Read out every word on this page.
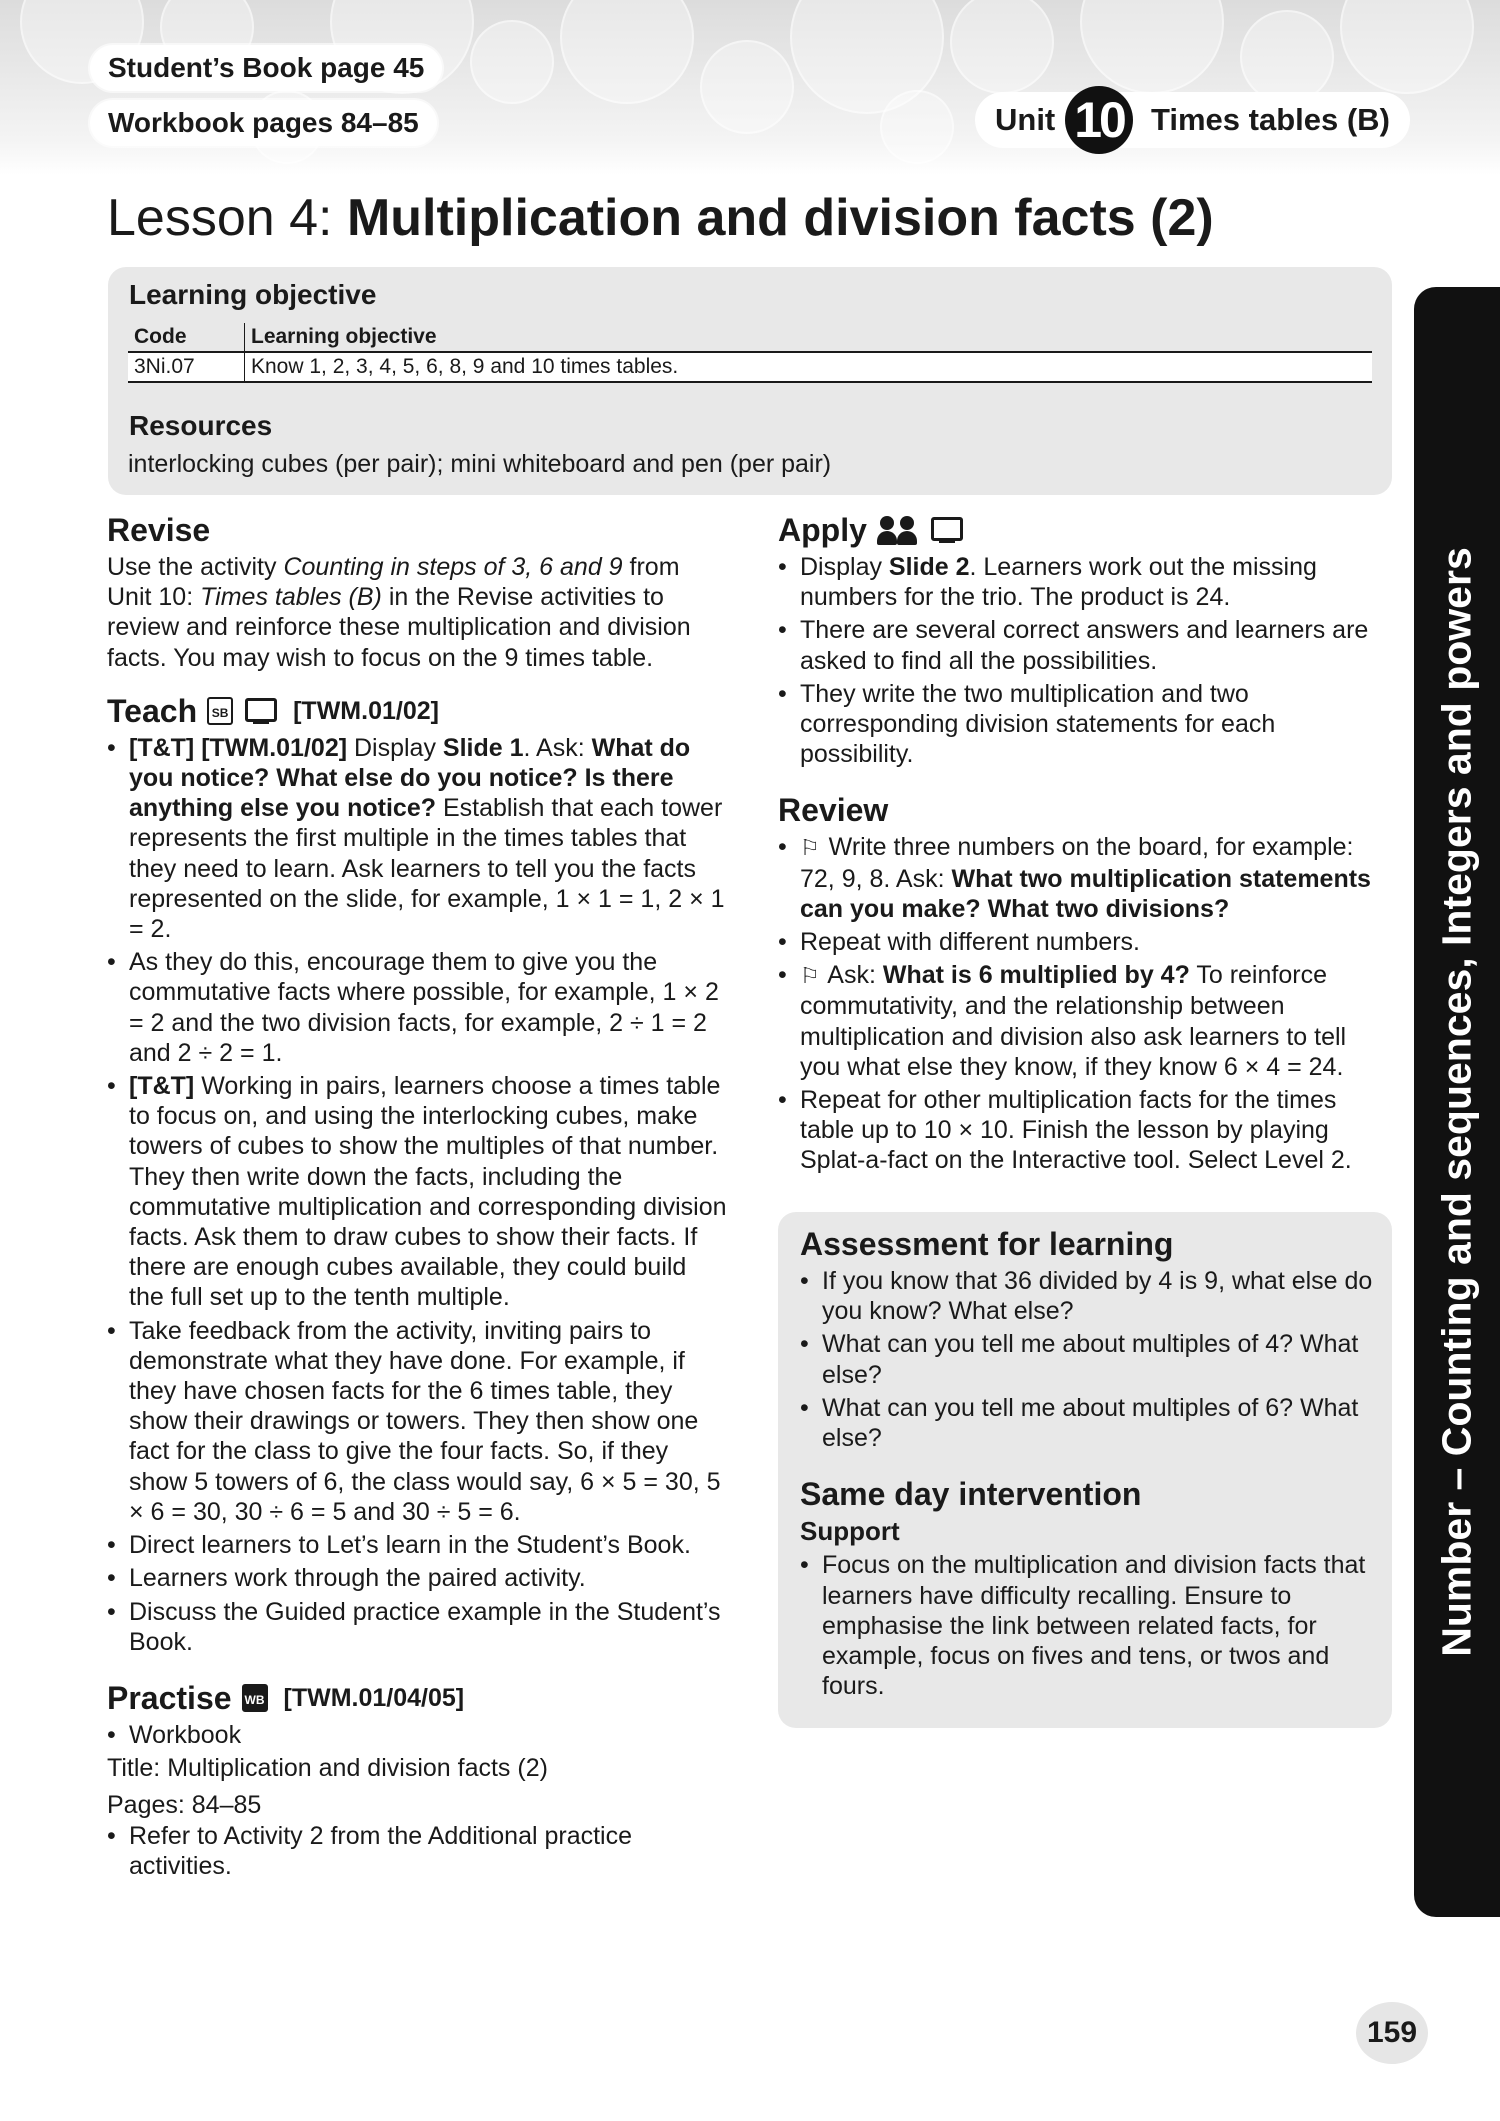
Student’s Book page 45
Workbook pages 84–85	Unit 10 Times tables (B)
Lesson 4: Multiplication and division facts (2)
Learning objective
Code	Learning objective
3Ni.07	Know 1, 2, 3, 4, 5, 6, 8, 9 and 10 times tables.
Resources
interlocking cubes (per pair); mini whiteboard and pen (per pair)
Revise

Use the activity Counting in steps of 3, 6 and 9 from Unit 10: Times tables (B) in the Revise activities to review and reinforce these multiplication and division facts. You may wish to focus on the 9 times table.

Teach	SB	[TWM.01/02]
• [T&T] [TWM.01/02] Display Slide 1. Ask: What do you notice? What else do you notice? Is there anything else you notice? Establish that each tower represents the first multiple in the times tables that they need to learn. Ask learners to tell you the facts represented on the slide, for example, 1 × 1 = 1, 2 × 1 = 2.
• As they do this, encourage them to give you the commutative facts where possible, for example, 1 × 2 = 2 and the two division facts, for example, 2 ÷ 1 = 2 and 2 ÷ 2 = 1.
• [T&T] Working in pairs, learners choose a times table to focus on, and using the interlocking cubes, make towers of cubes to show the multiples of that number. They then write down the facts, including the commutative multiplication and corresponding division facts. Ask them to draw cubes to show their facts. If there are enough cubes available, they could build the full set up to the tenth multiple.
• Take feedback from the activity, inviting pairs to demonstrate what they have done. For example, if they have chosen facts for the 6 times table, they show their drawings or towers. They then show one fact for the class to give the four facts. So, if they show 5 towers of 6, the class would say, 6 × 5 = 30, 5 × 6 = 30, 30 ÷ 6 = 5 and 30 ÷ 5 = 6.
• Direct learners to Let’s learn in the Student’s Book.
• Learners work through the paired activity.
• Discuss the Guided practice example in the Student’s Book.
Practise WB [TWM.01/04/05]
• Workbook

Title: Multiplication and division facts (2)

Pages: 84–85

• Refer to Activity 2 from the Additional practice activities.
Apply
• Display Slide 2. Learners work out the missing numbers for the trio. The product is 24.
• There are several correct answers and learners are asked to find all the possibilities.
• They write the two multiplication and two corresponding division statements for each possibility.
Review
• ⚐ Write three numbers on the board, for example: 72, 9, 8. Ask: What two multiplication statements can you make? What two divisions?
• Repeat with different numbers.
• ⚐ Ask: What is 6 multiplied by 4? To reinforce commutativity, and the relationship between multiplication and division also ask learners to tell you what else they know, if they know 6 × 4 = 24.
• Repeat for other multiplication facts for the times table up to 10 × 10. Finish the lesson by playing Splat-a-fact on the Interactive tool. Select Level 2.
Assessment for learning
• If you know that 36 divided by 4 is 9, what else do you know? What else?
• What can you tell me about multiples of 4? What else?
• What can you tell me about multiples of 6? What else?
Same day intervention
Support
• Focus on the multiplication and division facts that learners have difficulty recalling. Ensure to emphasise the link between related facts, for example, focus on fives and tens, or twos and fours.
Number – Counting and sequences, Integers and powers
159
